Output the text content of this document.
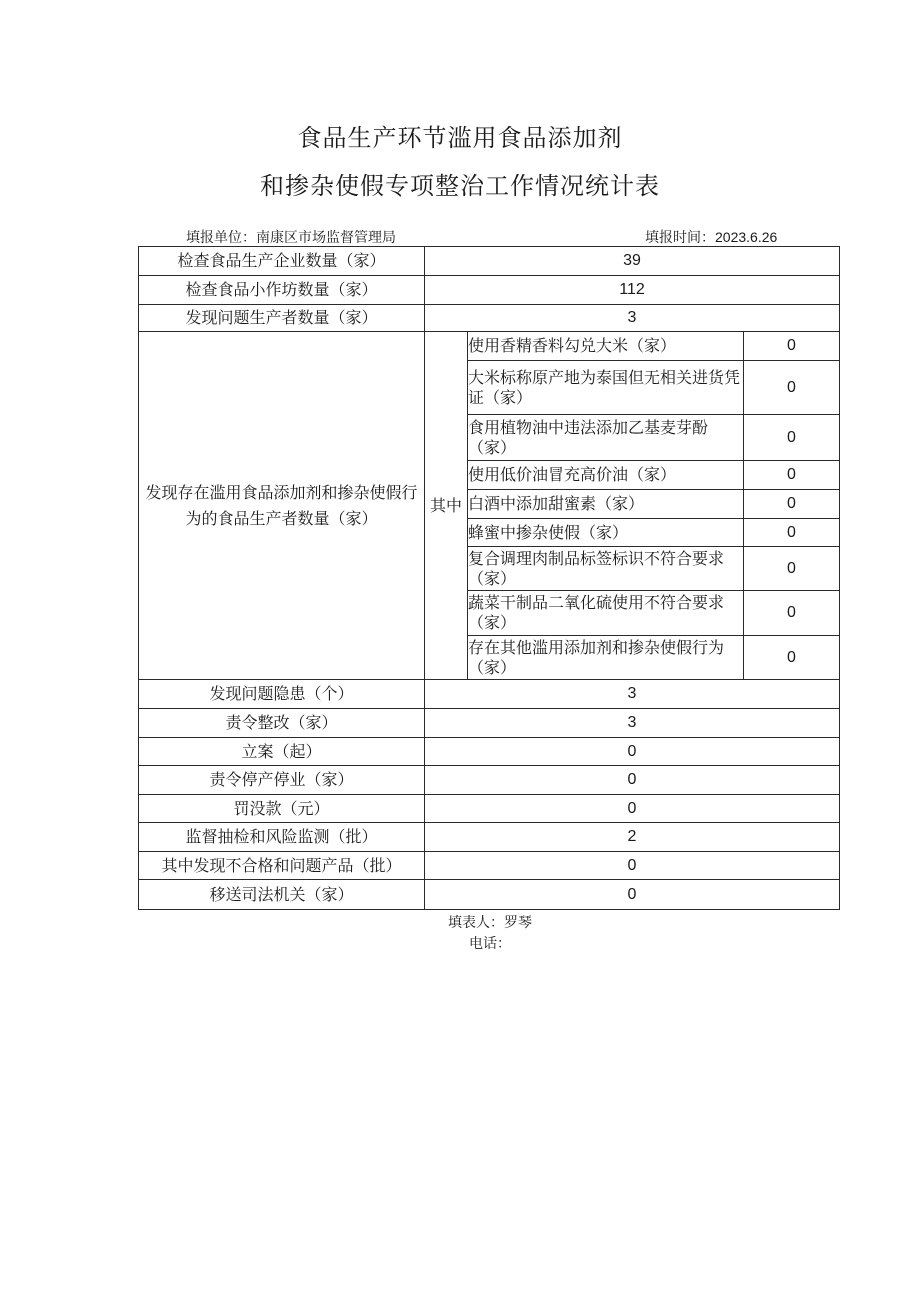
食品生产环节滥用食品添加剂
和掺杂使假专项整治工作情况统计表
填报单位：南康区市场监督管理局	填报时间：2023.6.26
检查食品生产企业数量（家）	39		
检查食品小作坊数量（家）	112		
发现问题生产者数量（家）	3		
发现存在滥用食品添加剂和掺杂使假行为的食品生产者数量（家）	其中	使用香精香料勾兑大米（家）	0
		大米标称原产地为泰国但无相关进货凭证（家）	0
		食用植物油中违法添加乙基麦芽酚（家）	0
		使用低价油冒充高价油（家）	0
		白酒中添加甜蜜素（家）	0
		蜂蜜中掺杂使假（家）	0
		复合调理肉制品标签标识不符合要求（家）	0
		蔬菜干制品二氧化硫使用不符合要求（家）	0
		存在其他滥用添加剂和掺杂使假行为（家）	0
发现问题隐患（个）	3		
责令整改（家）	3		
立案（起）	0		
责令停产停业（家）	0		
罚没款（元）	0		
监督抽检和风险监测（批）	2		
其中发现不合格和问题产品（批）	0		
移送司法机关（家）	0		
填表人：罗琴
电话：
